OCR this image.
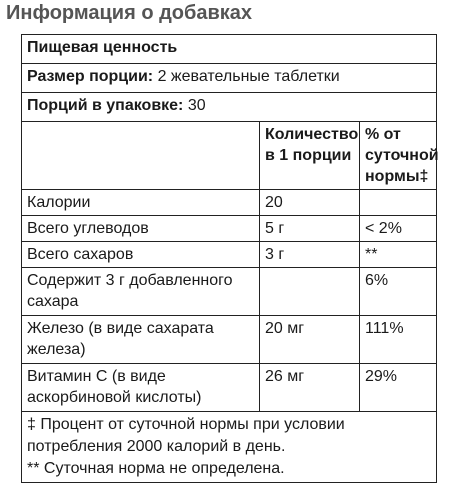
Информация о добавках
Пищевая ценность		
Размер порции: 2 жевательные таблетки		
Порций в упаковке: 30		
	Количество в 1 порции	% от суточной нормы‡
Калории	20	
Всего углеводов	5 г	< 2%
Всего сахаров	3 г	**
Содержит 3 г добавленного сахара		6%
Железо (в виде сахарата железа)	20 мг	111%
Витамин С (в виде аскорбиновой кислоты)	26 мг	29%

‡ Процент от суточной нормы при условии
потребления 2000 калорий в день.
** Суточная норма не определена.		
